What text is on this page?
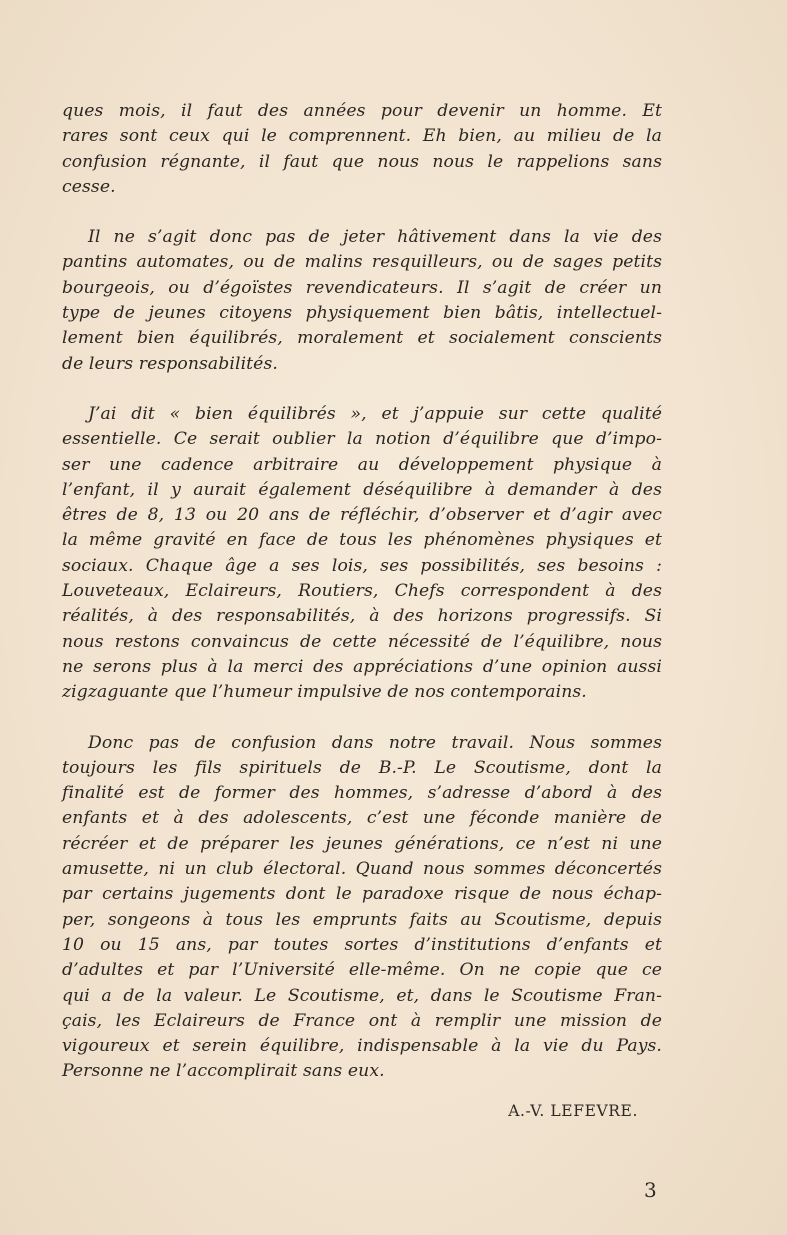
ques mois, il faut des années pour devenir un homme. Et
rares sont ceux qui le comprennent. Eh bien, au milieu de la
confusion régnante, il faut que nous nous le rappelions sans
cesse.
Il ne s’agit donc pas de jeter hâtivement dans la vie des
pantins automates, ou de malins resquilleurs, ou de sages petits
bourgeois, ou d’égoïstes revendicateurs. Il s’agit de créer un
type de jeunes citoyens physiquement bien bâtis, intellectuel-
lement bien équilibrés, moralement et socialement conscients
de leurs responsabilités.
J’ai dit « bien équilibrés », et j’appuie sur cette qualité
essentielle. Ce serait oublier la notion d’équilibre que d’impo-
ser une cadence arbitraire au développement physique à
l’enfant, il y aurait également déséquilibre à demander à des
êtres de 8, 13 ou 20 ans de réfléchir, d’observer et d’agir avec
la même gravité en face de tous les phénomènes physiques et
sociaux. Chaque âge a ses lois, ses possibilités, ses besoins :
Louveteaux, Eclaireurs, Routiers, Chefs correspondent à des
réalités, à des responsabilités, à des horizons progressifs. Si
nous restons convaincus de cette nécessité de l’équilibre, nous
ne serons plus à la merci des appréciations d’une opinion aussi
zigzaguante que l’humeur impulsive de nos contemporains.
Donc pas de confusion dans notre travail. Nous sommes
toujours les fils spirituels de B.-P. Le Scoutisme, dont la
finalité est de former des hommes, s’adresse d’abord à des
enfants et à des adolescents, c’est une féconde manière de
récréer et de préparer les jeunes générations, ce n’est ni une
amusette, ni un club électoral. Quand nous sommes déconcertés
par certains jugements dont le paradoxe risque de nous échap-
per, songeons à tous les emprunts faits au Scoutisme, depuis
10 ou 15 ans, par toutes sortes d’institutions d’enfants et
d’adultes et par l’Université elle-même. On ne copie que ce
qui a de la valeur. Le Scoutisme, et, dans le Scoutisme Fran-
çais, les Eclaireurs de France ont à remplir une mission de
vigoureux et serein équilibre, indispensable à la vie du Pays.
Personne ne l’accomplirait sans eux.
A.-V. LEFEVRE.
3
